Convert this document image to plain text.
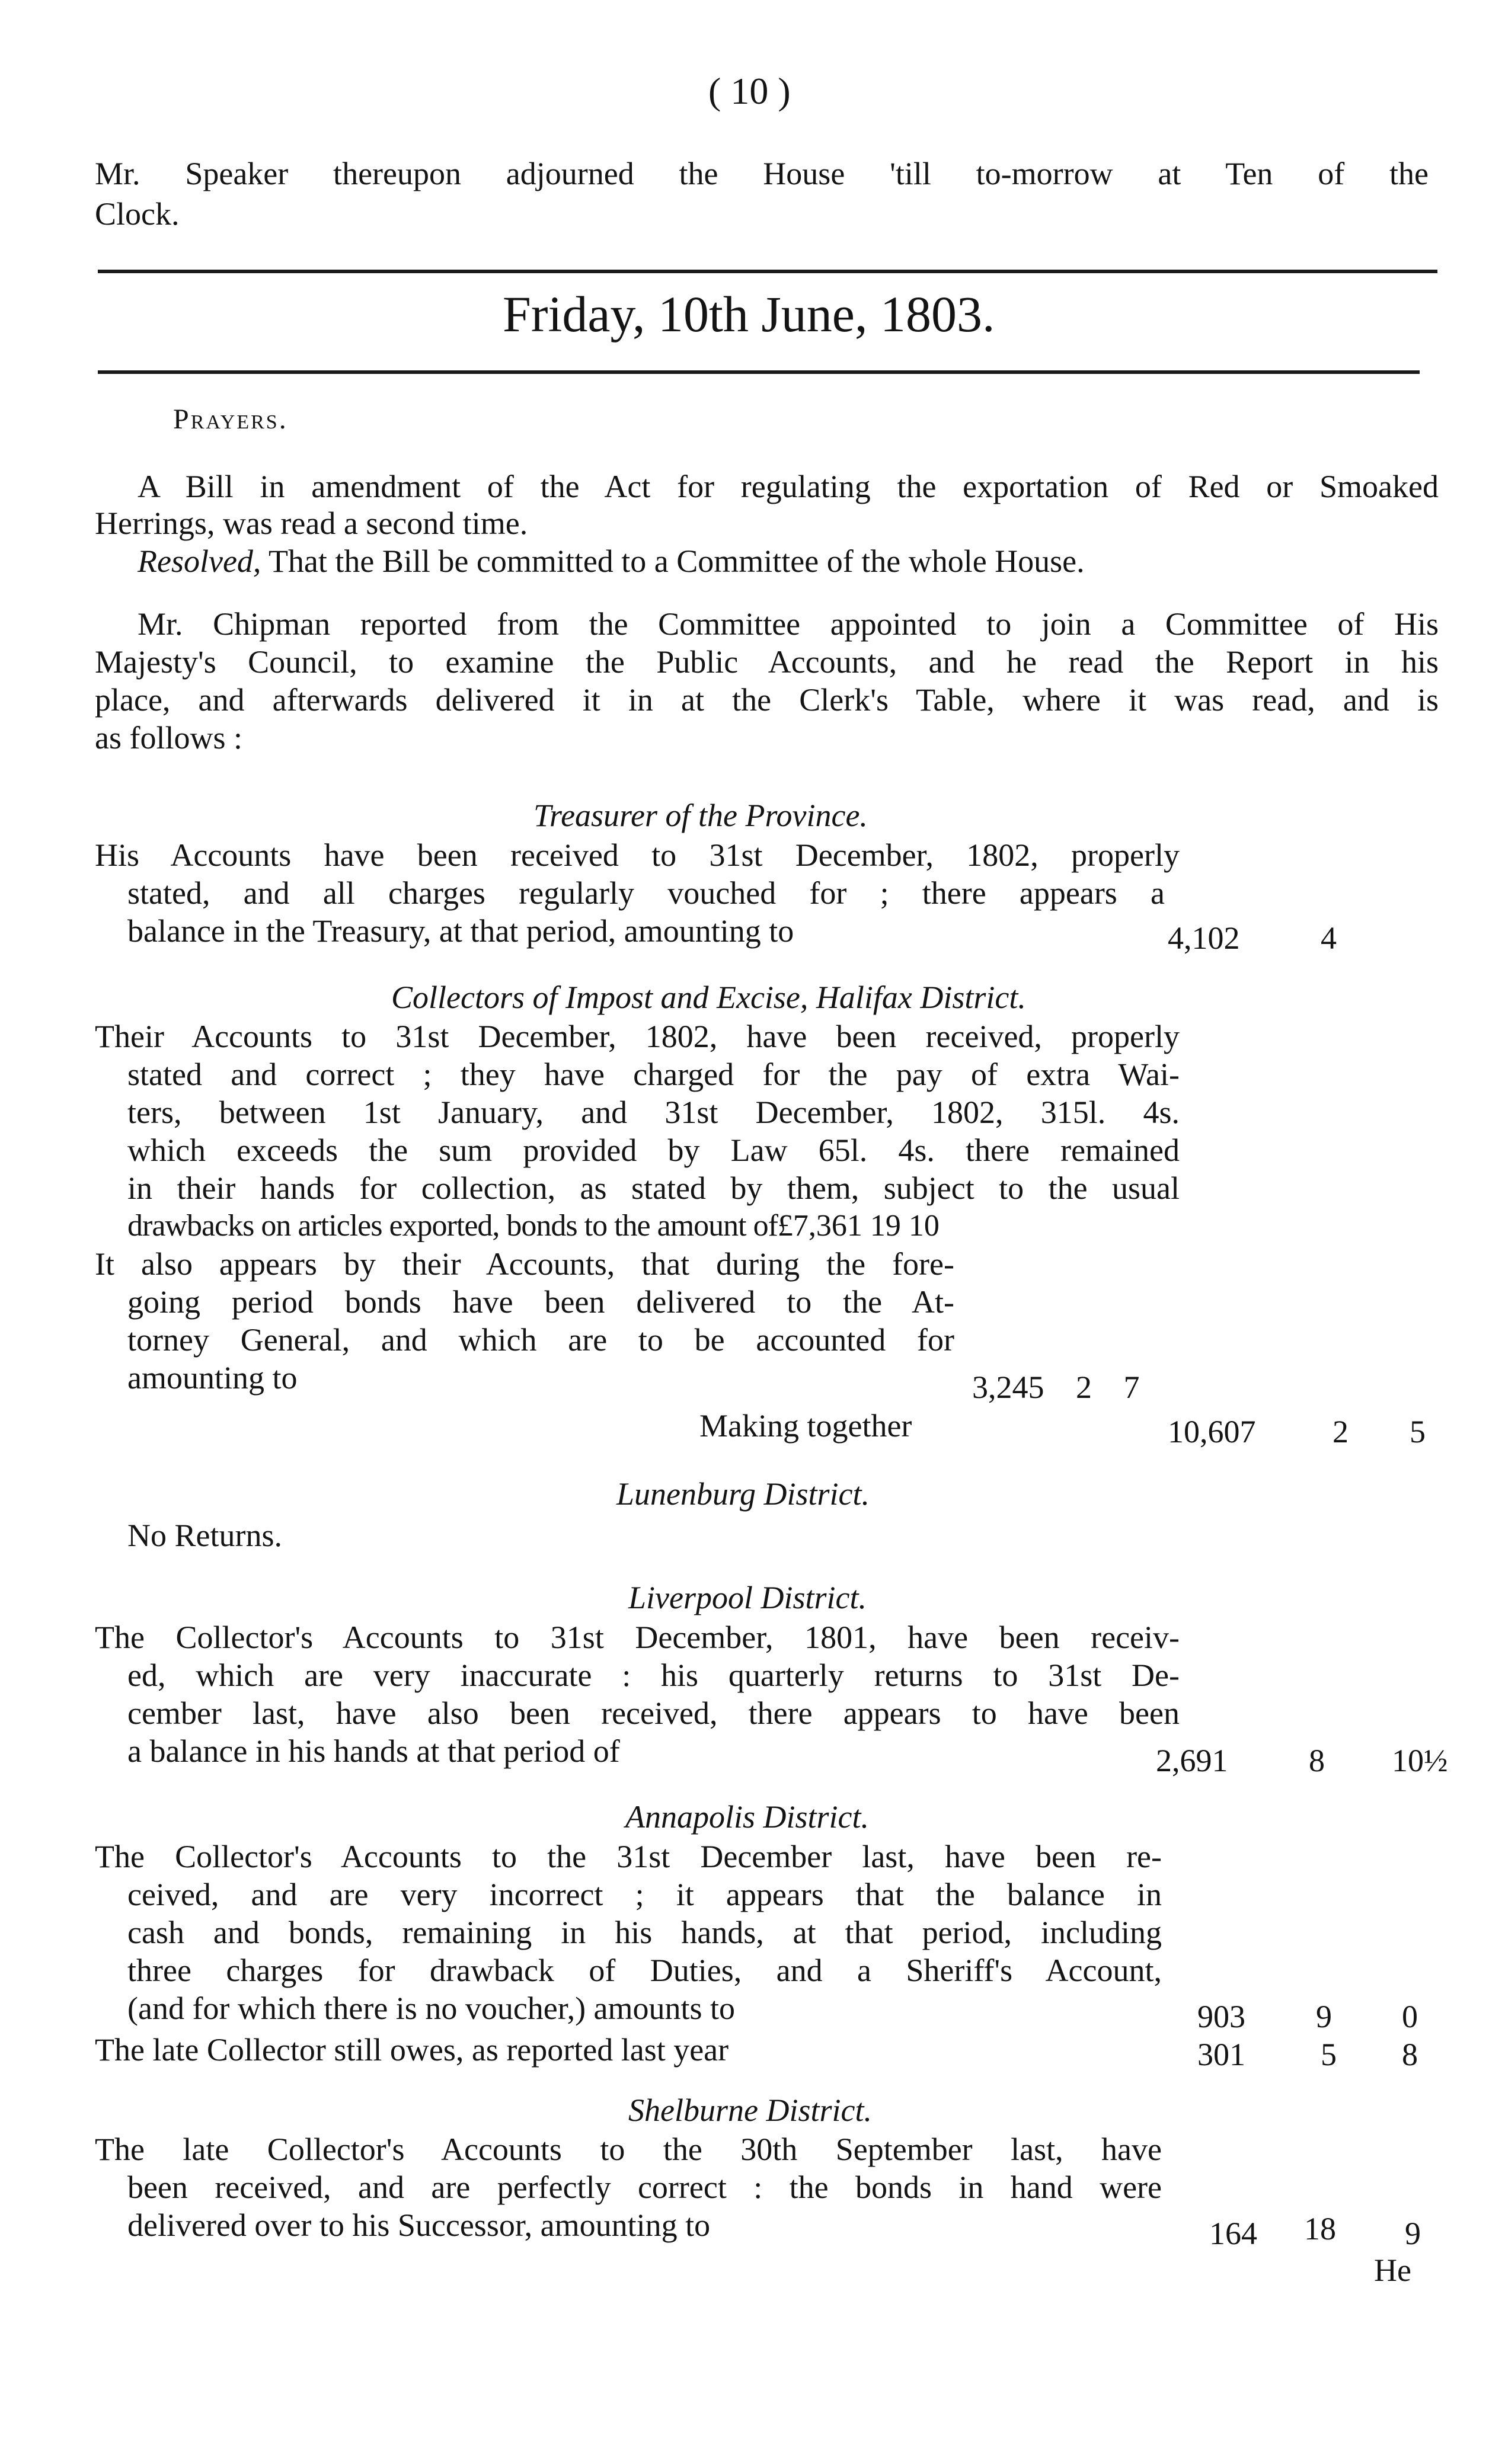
( 10 )
Mr. Speaker thereupon adjourned the House 'till to-morrow at Ten of the
Clock.
Friday, 10th June, 1803.
Prayers.
A Bill in amendment of the Act for regulating the exportation of Red or Smoaked
Herrings, was read a second time.
Resolved, That the Bill be committed to a Committee of the whole House.
Mr. Chipman reported from the Committee appointed to join a Committee of His
Majesty's Council, to examine the Public Accounts, and he read the Report in his
place, and afterwards delivered it in at the Clerk's Table, where it was read, and is
as follows :
Treasurer of the Province.
His Accounts have been received to 31st December, 1802, properly
stated, and all charges regularly vouched for ; there appears a
balance in the Treasury, at that period, amounting to	4,102	4
Collectors of Impost and Excise, Halifax District.
Their Accounts to 31st December, 1802, have been received, properly
stated and correct ; they have charged for the pay of extra Wai-
ters, between 1st January, and 31st December, 1802, 315l. 4s.
which exceeds the sum provided by Law 65l. 4s. there remained
in their hands for collection, as stated by them, subject to the usual
drawbacks on articles exported, bonds to the amount of£7,361 19 10
It also appears by their Accounts, that during the fore-
going period bonds have been delivered to the At-
torney General, and which are to be accounted for
amounting to	3,245 2 7
Making together	10,607 2 5
Lunenburg District.
No Returns.
Liverpool District.
The Collector's Accounts to 31st December, 1801, have been receiv-
ed, which are very inaccurate : his quarterly returns to 31st De-
cember last, have also been received, there appears to have been
a balance in his hands at that period of	2,691	8 10½
Annapolis District.
The Collector's Accounts to the 31st December last, have been re-
ceived, and are very incorrect ; it appears that the balance in
cash and bonds, remaining in his hands, at that period, including
three charges for drawback of Duties, and a Sheriff's Account,
(and for which there is no voucher,) amounts to	903 9 0
The late Collector still owes, as reported last year	301 5 8
Shelburne District.
The late Collector's Accounts to the 30th September last, have
been received, and are perfectly correct : the bonds in hand were
delivered over to his Successor, amounting to	164 18 9
He
